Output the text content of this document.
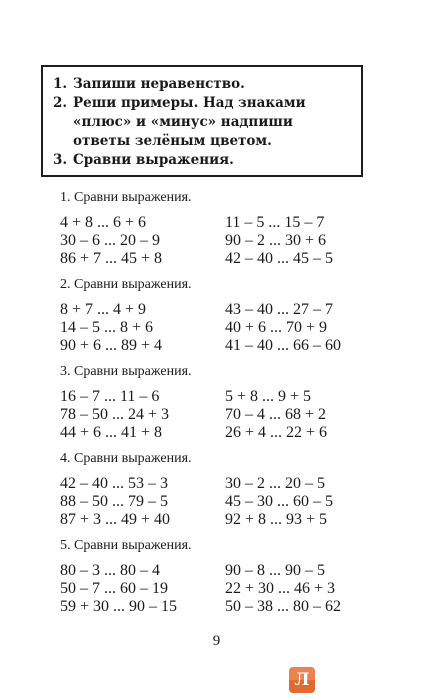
1. Запиши неравенство.
2. Реши примеры. Над знаками «плюс» и «минус» надпиши ответы зелёным цветом.
3. Сравни выражения.
1. Сравни выражения.
4 + 8 ... 6 + 6	11 – 5 ... 15 – 7
30 – 6 ... 20 – 9	90 – 2 ... 30 + 6
86 + 7 ... 45 + 8	42 – 40 ... 45 – 5
2. Сравни выражения.
8 + 7 ... 4 + 9	43 – 40 ... 27 – 7
14 – 5 ... 8 + 6	40 + 6 ... 70 + 9
90 + 6 ... 89 + 4	41 – 40 ... 66 – 60
3. Сравни выражения.
16 – 7 ... 11 – 6	5 + 8 ... 9 + 5
78 – 50 ... 24 + 3	70 – 4 ... 68 + 2
44 + 6 ... 41 + 8	26 + 4 ... 22 + 6
4. Сравни выражения.
42 – 40 ... 53 – 3	30 – 2 ... 20 – 5
88 – 50 ... 79 – 5	45 – 30 ... 60 – 5
87 + 3 ... 49 + 40	92 + 8 ... 93 + 5
5. Сравни выражения.
80 – 3 ... 80 – 4	90 – 8 ... 90 – 5
50 – 7 ... 60 – 19	22 + 30 ... 46 + 3
59 + 30 ... 90 – 15	50 – 38 ... 80 – 62
9
Л
